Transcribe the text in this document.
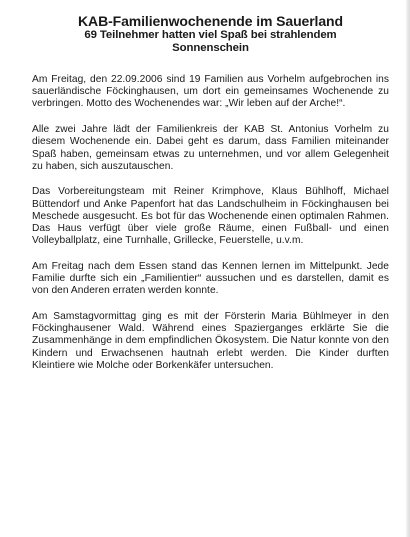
KAB-Familienwochenende im Sauerland
69 Teilnehmer hatten viel Spaß bei strahlendem
Sonnenschein

Am Freitag, den 22.09.2006 sind 19 Familien aus Vorhelm aufgebrochen ins sauerländische Föckinghausen, um dort ein gemeinsames Wochenende zu verbringen. Motto des Wochenendes war: „Wir leben auf der Arche!“.

Alle zwei Jahre lädt der Familienkreis der KAB St. Antonius Vorhelm zu diesem Wochenende ein. Dabei geht es darum, dass Familien miteinander Spaß haben, gemeinsam etwas zu unternehmen, und vor allem Gelegenheit zu haben, sich auszutauschen.

Das Vorbereitungsteam mit Reiner Krimphove, Klaus Bühlhoff, Michael Büttendorf und Anke Papenfort hat das Landschulheim in Föckinghausen bei Meschede ausgesucht. Es bot für das Wochenende einen optimalen Rahmen. Das Haus verfügt über viele große Räume, einen Fußball- und einen Volleyballplatz, eine Turnhalle, Grillecke, Feuerstelle, u.v.m.

Am Freitag nach dem Essen stand das Kennen lernen im Mittelpunkt. Jede Familie durfte sich ein „Familientier“ aussuchen und es darstellen, damit es von den Anderen erraten werden konnte.

Am Samstagvormittag ging es mit der Försterin Maria Bühlmeyer in den Föckinghausener Wald. Während eines Spazierganges erklärte Sie die Zusammenhänge in dem empfindlichen Ökosystem. Die Natur konnte von den Kindern und Erwachsenen hautnah erlebt werden. Die Kinder durften Kleintiere wie Molche oder Borkenkäfer untersuchen.
